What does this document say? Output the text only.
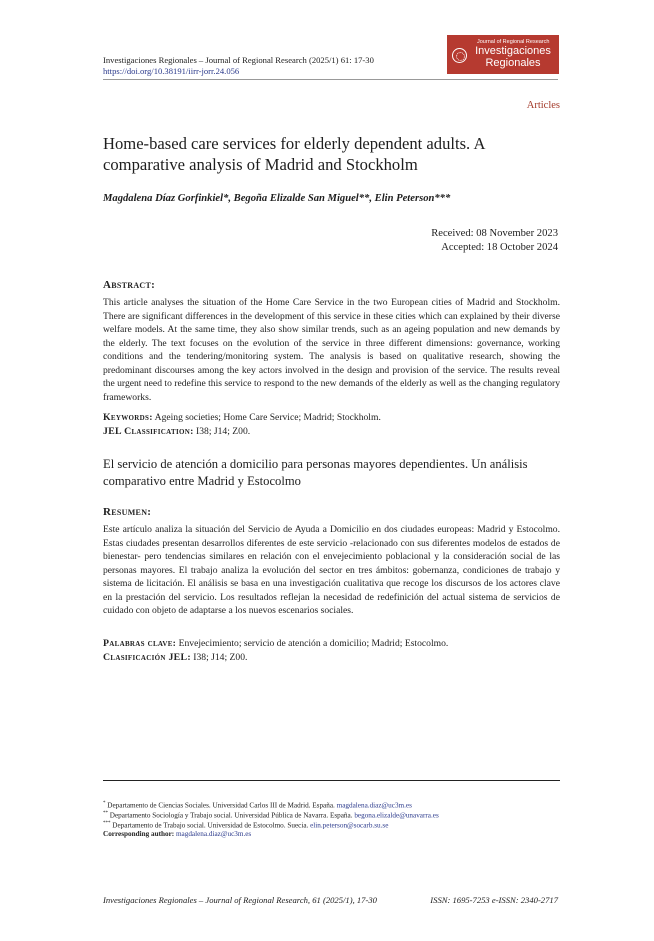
Investigaciones Regionales – Journal of Regional Research (2025/1) 61: 17-30
https://doi.org/10.38191/iirr-jorr.24.056
Journal of Regional Research
Investigaciones
Regionales
Articles
Home-based care services for elderly dependent adults. A comparative analysis of Madrid and Stockholm
Magdalena Díaz Gorfinkiel*, Begoña Elizalde San Miguel**, Elin Peterson***
Received: 08 November 2023
Accepted: 18 October 2024
Abstract:

This article analyses the situation of the Home Care Service in the two European cities of Madrid and Stockholm. There are significant differences in the development of this service in these cities which can explained by their diverse welfare models. At the same time, they also show similar trends, such as an ageing population and new demands by the elderly. The text focuses on the evolution of the service in three different dimensions: governance, working conditions and the tendering/monitoring system. The analysis is based on qualitative research, showing the predominant discourses among the key actors involved in the design and provision of the service. The results reveal the urgent need to redefine this service to respond to the new demands of the elderly as well as the changing regulatory frameworks.

Keywords: Ageing societies; Home Care Service; Madrid; Stockholm.
JEL Classification: I38; J14; Z00.
El servicio de atención a domicilio para personas mayores dependientes. Un análisis comparativo entre Madrid y Estocolmo
Resumen:

Este artículo analiza la situación del Servicio de Ayuda a Domicilio en dos ciudades europeas: Madrid y Estocolmo. Estas ciudades presentan desarrollos diferentes de este servicio -relacionado con sus diferentes modelos de estados de bienestar- pero tendencias similares en relación con el envejecimiento poblacional y la consideración social de las personas mayores. El trabajo analiza la evolución del sector en tres ámbitos: gobernanza, condiciones de trabajo y sistema de licitación. El análisis se basa en una investigación cualitativa que recoge los discursos de los actores clave en la prestación del servicio. Los resultados reflejan la necesidad de redefinición del actual sistema de servicios de cuidado con objeto de adaptarse a los nuevos escenarios sociales.

Palabras clave: Envejecimiento; servicio de atención a domicilio; Madrid; Estocolmo.
Clasificación JEL: I38; J14; Z00.
* Departamento de Ciencias Sociales. Universidad Carlos III de Madrid. España. magdalena.diaz@uc3m.es
** Departamento Sociología y Trabajo social. Universidad Pública de Navarra. España. begona.elizalde@unavarra.es
*** Departamento de Trabajo social. Universidad de Estocolmo. Suecia. elin.peterson@socarb.su.se
Corresponding author: magdalena.diaz@uc3m.es
Investigaciones Regionales – Journal of Regional Research, 61 (2025/1), 17-30	ISSN: 1695-7253 e-ISSN: 2340-2717
